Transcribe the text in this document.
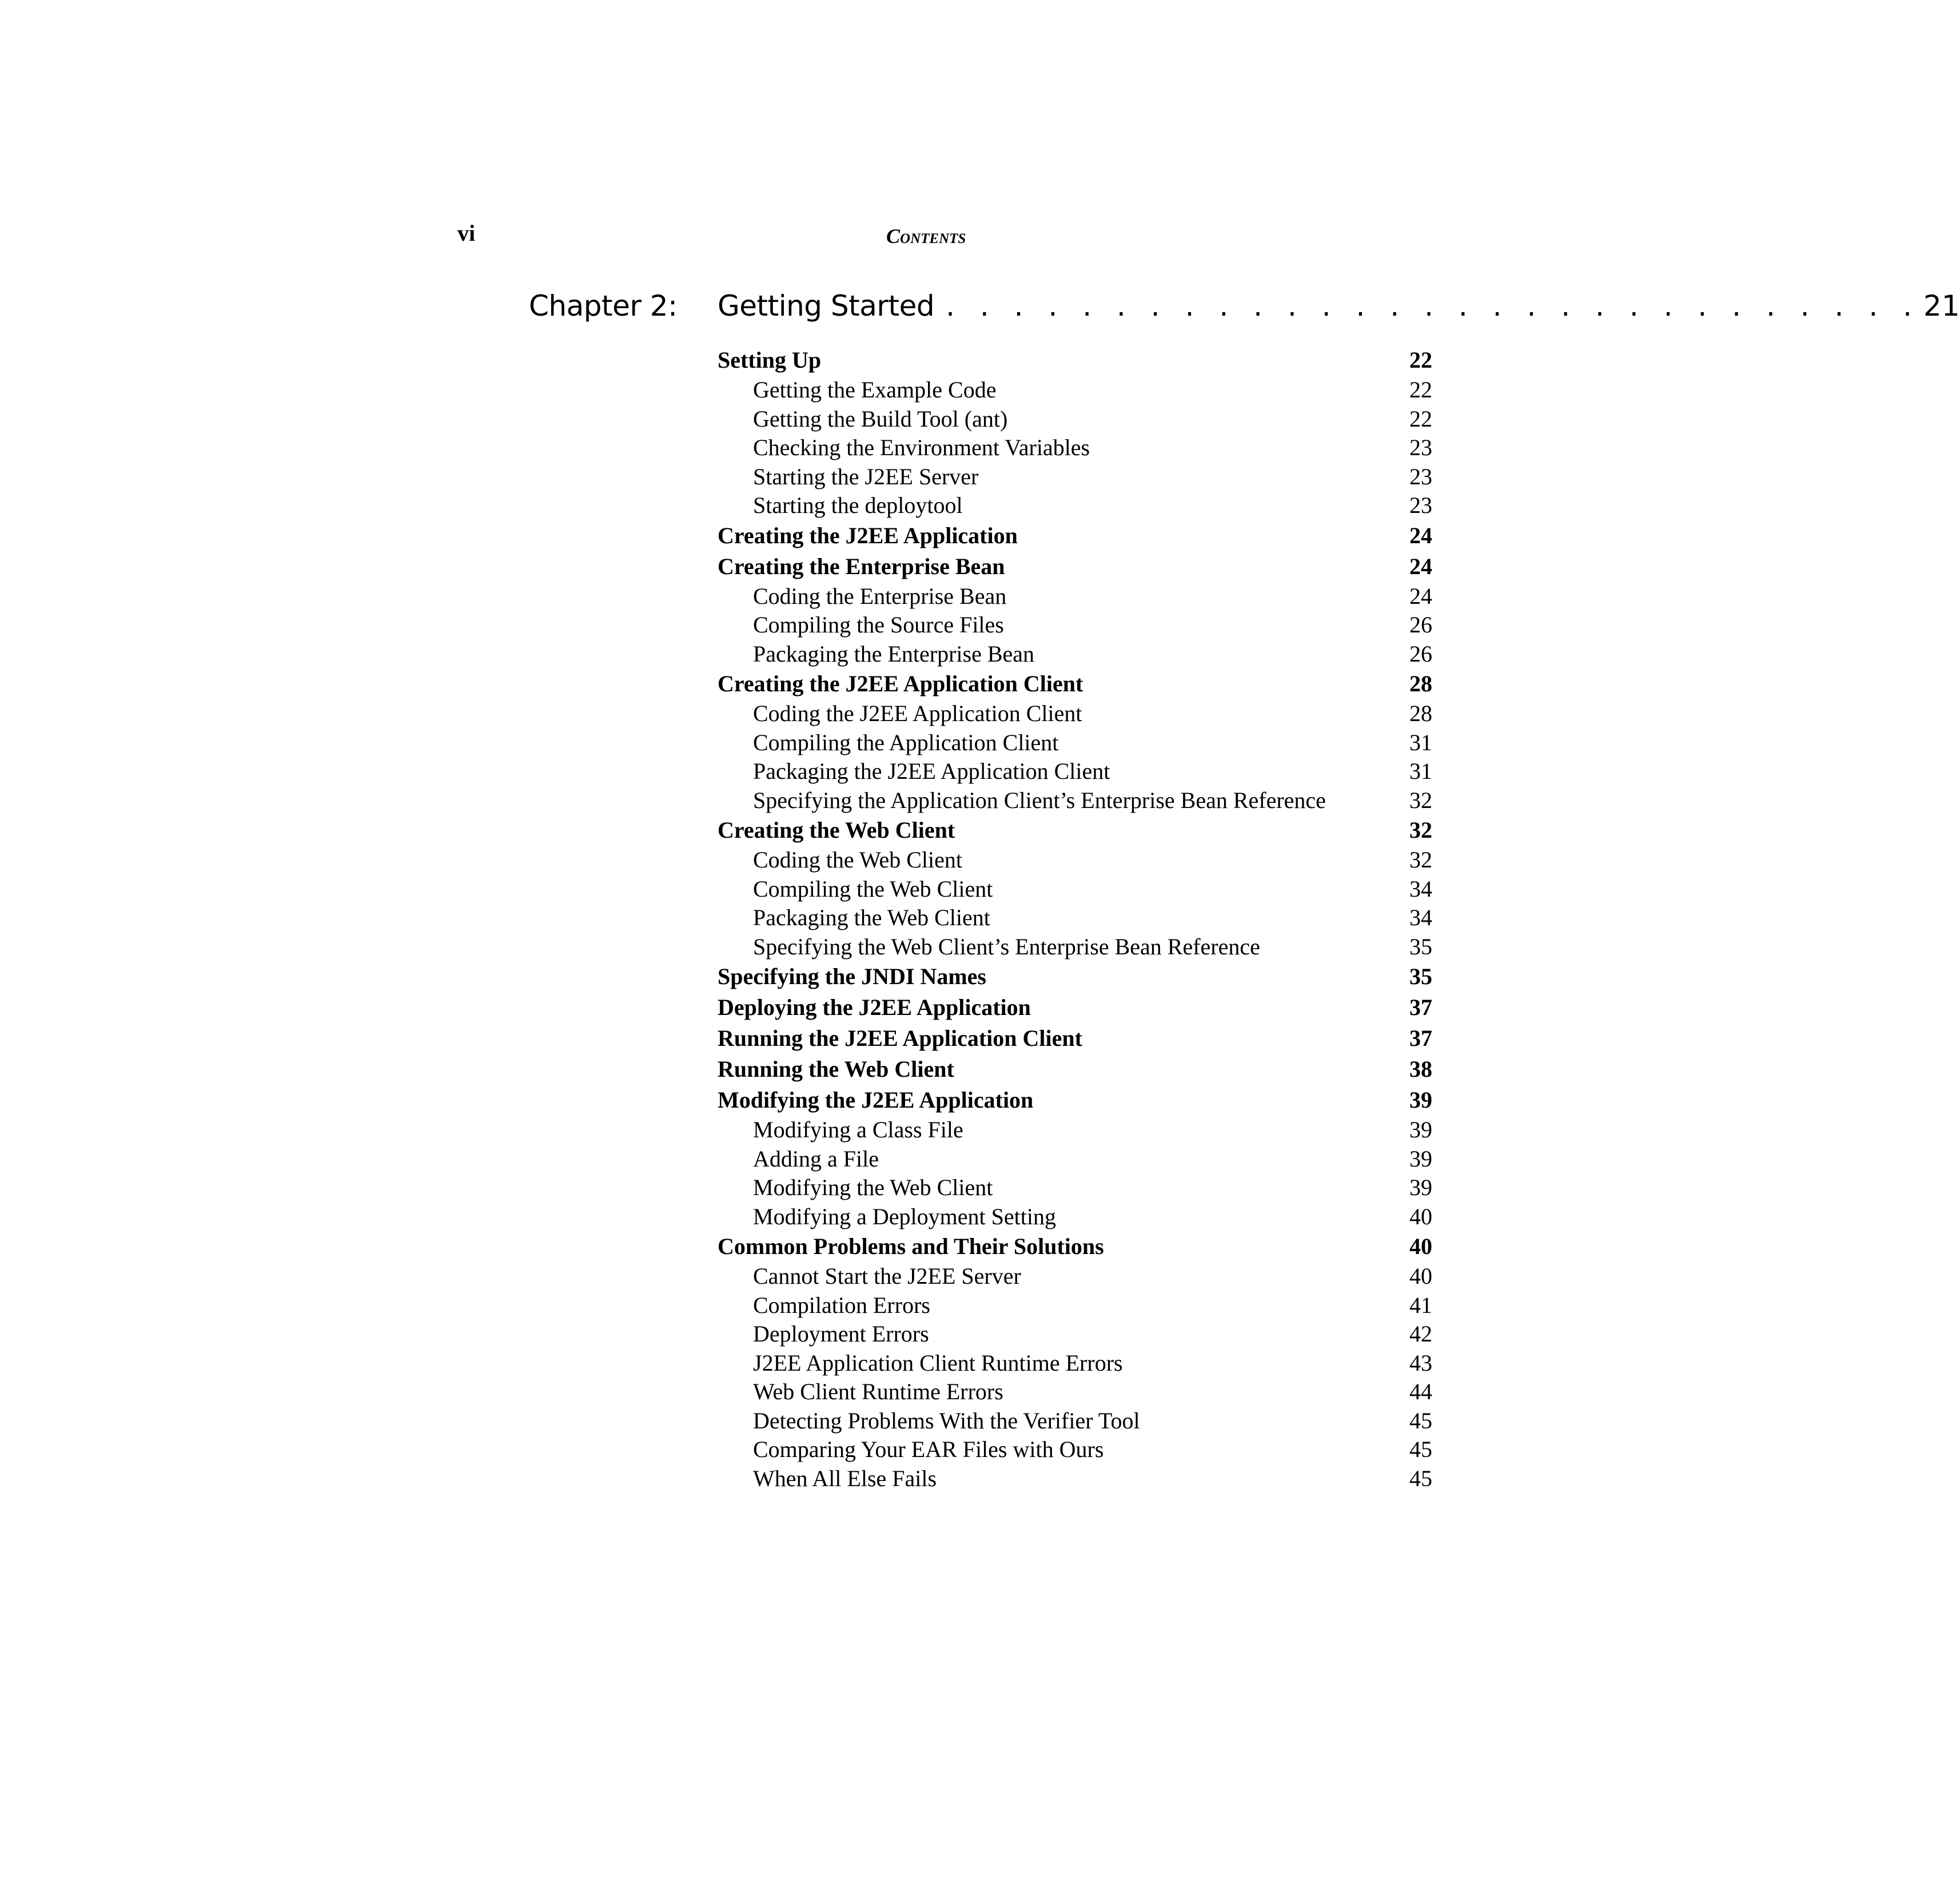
vi	Contents
Chapter 2: Getting Started . . . . . . . . . . . . . . . . . . . . . . . . . . . . . 21
Setting Up	22
Getting the Example Code	22
Getting the Build Tool (ant)	22
Checking the Environment Variables	23
Starting the J2EE Server	23
Starting the deploytool	23
Creating the J2EE Application	24
Creating the Enterprise Bean	24
Coding the Enterprise Bean	24
Compiling the Source Files	26
Packaging the Enterprise Bean	26
Creating the J2EE Application Client	28
Coding the J2EE Application Client	28
Compiling the Application Client	31
Packaging the J2EE Application Client	31
Specifying the Application Client’s Enterprise Bean Reference	32
Creating the Web Client	32
Coding the Web Client	32
Compiling the Web Client	34
Packaging the Web Client	34
Specifying the Web Client’s Enterprise Bean Reference	35
Specifying the JNDI Names	35
Deploying the J2EE Application	37
Running the J2EE Application Client	37
Running the Web Client	38
Modifying the J2EE Application	39
Modifying a Class File	39
Adding a File	39
Modifying the Web Client	39
Modifying a Deployment Setting	40
Common Problems and Their Solutions	40
Cannot Start the J2EE Server	40
Compilation Errors	41
Deployment Errors	42
J2EE Application Client Runtime Errors	43
Web Client Runtime Errors	44
Detecting Problems With the Verifier Tool	45
Comparing Your EAR Files with Ours	45
When All Else Fails	45
